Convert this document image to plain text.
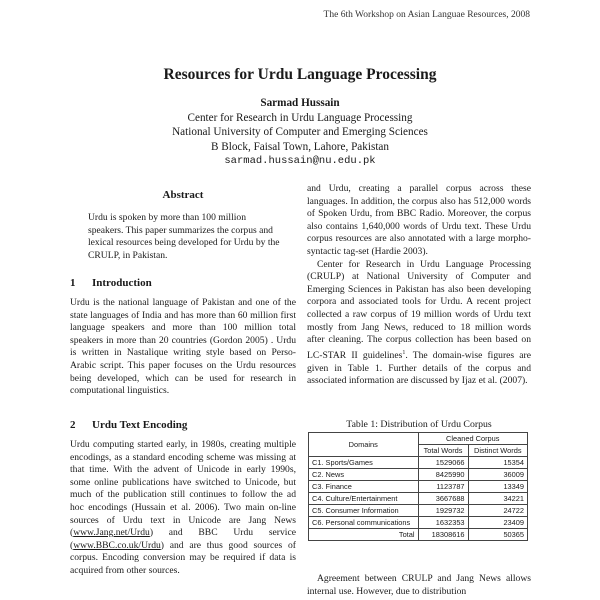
The 6th Workshop on Asian Languae Resources, 2008
Resources for Urdu Language Processing
Sarmad Hussain
Center for Research in Urdu Language Processing
National University of Computer and Emerging Sciences
B Block, Faisal Town, Lahore, Pakistan
sarmad.hussain@nu.edu.pk
Abstract

Urdu is spoken by more than 100 million speakers. This paper summarizes the corpus and lexical resources being developed for Urdu by the CRULP, in Pakistan.

1 Introduction

Urdu is the national language of Pakistan and one of the state languages of India and has more than 60 million first language speakers and more than 100 million total speakers in more than 20 countries (Gordon 2005) . Urdu is written in Nastalique writing style based on Perso-Arabic script. This paper focuses on the Urdu resources being developed, which can be used for research in computational linguistics.

2 Urdu Text Encoding

Urdu computing started early, in 1980s, creating multiple encodings, as a standard encoding scheme was missing at that time. With the advent of Unicode in early 1990s, some online publications have switched to Unicode, but much of the publication still continues to follow the ad hoc encodings (Hussain et al. 2006). Two main on-line sources of Urdu text in Unicode are Jang News (www.Jang.net/Urdu) and BBC Urdu service (www.BBC.co.uk/Urdu) and are thus good sources of corpus. Encoding conversion may be required if data is acquired from other sources.

and Urdu, creating a parallel corpus across these languages. In addition, the corpus also has 512,000 words of Spoken Urdu, from BBC Radio. Moreover, the corpus also contains 1,640,000 words of Urdu text. These Urdu corpus resources are also annotated with a large morpho-syntactic tag-set (Hardie 2003).

Center for Research in Urdu Language Processing (CRULP) at National University of Computer and Emerging Sciences in Pakistan has also been developing corpora and associated tools for Urdu. A recent project collected a raw corpus of 19 million words of Urdu text mostly from Jang News, reduced to 18 million words after cleaning. The corpus collection has been based on LC-STAR II guidelines$^1$. The domain-wise figures are given in Table 1. Further details of the corpus and associated information are discussed by Ijaz et al. (2007).

Table 1: Distribution of Urdu Corpus
Domains	Cleaned Corpus	
	Total Words	Distinct Words
C1. Sports/Games	1529066	15354
C2. News	8425990	36009
C3. Finance	1123787	13349
C4. Culture/Entertainment	3667688	34221
C5. Consumer Information	1929732	24722
C6. Personal communications	1632353	23409
Total	18308616	50365

Agreement between CRULP and Jang News allows internal use. However, due to distribution
